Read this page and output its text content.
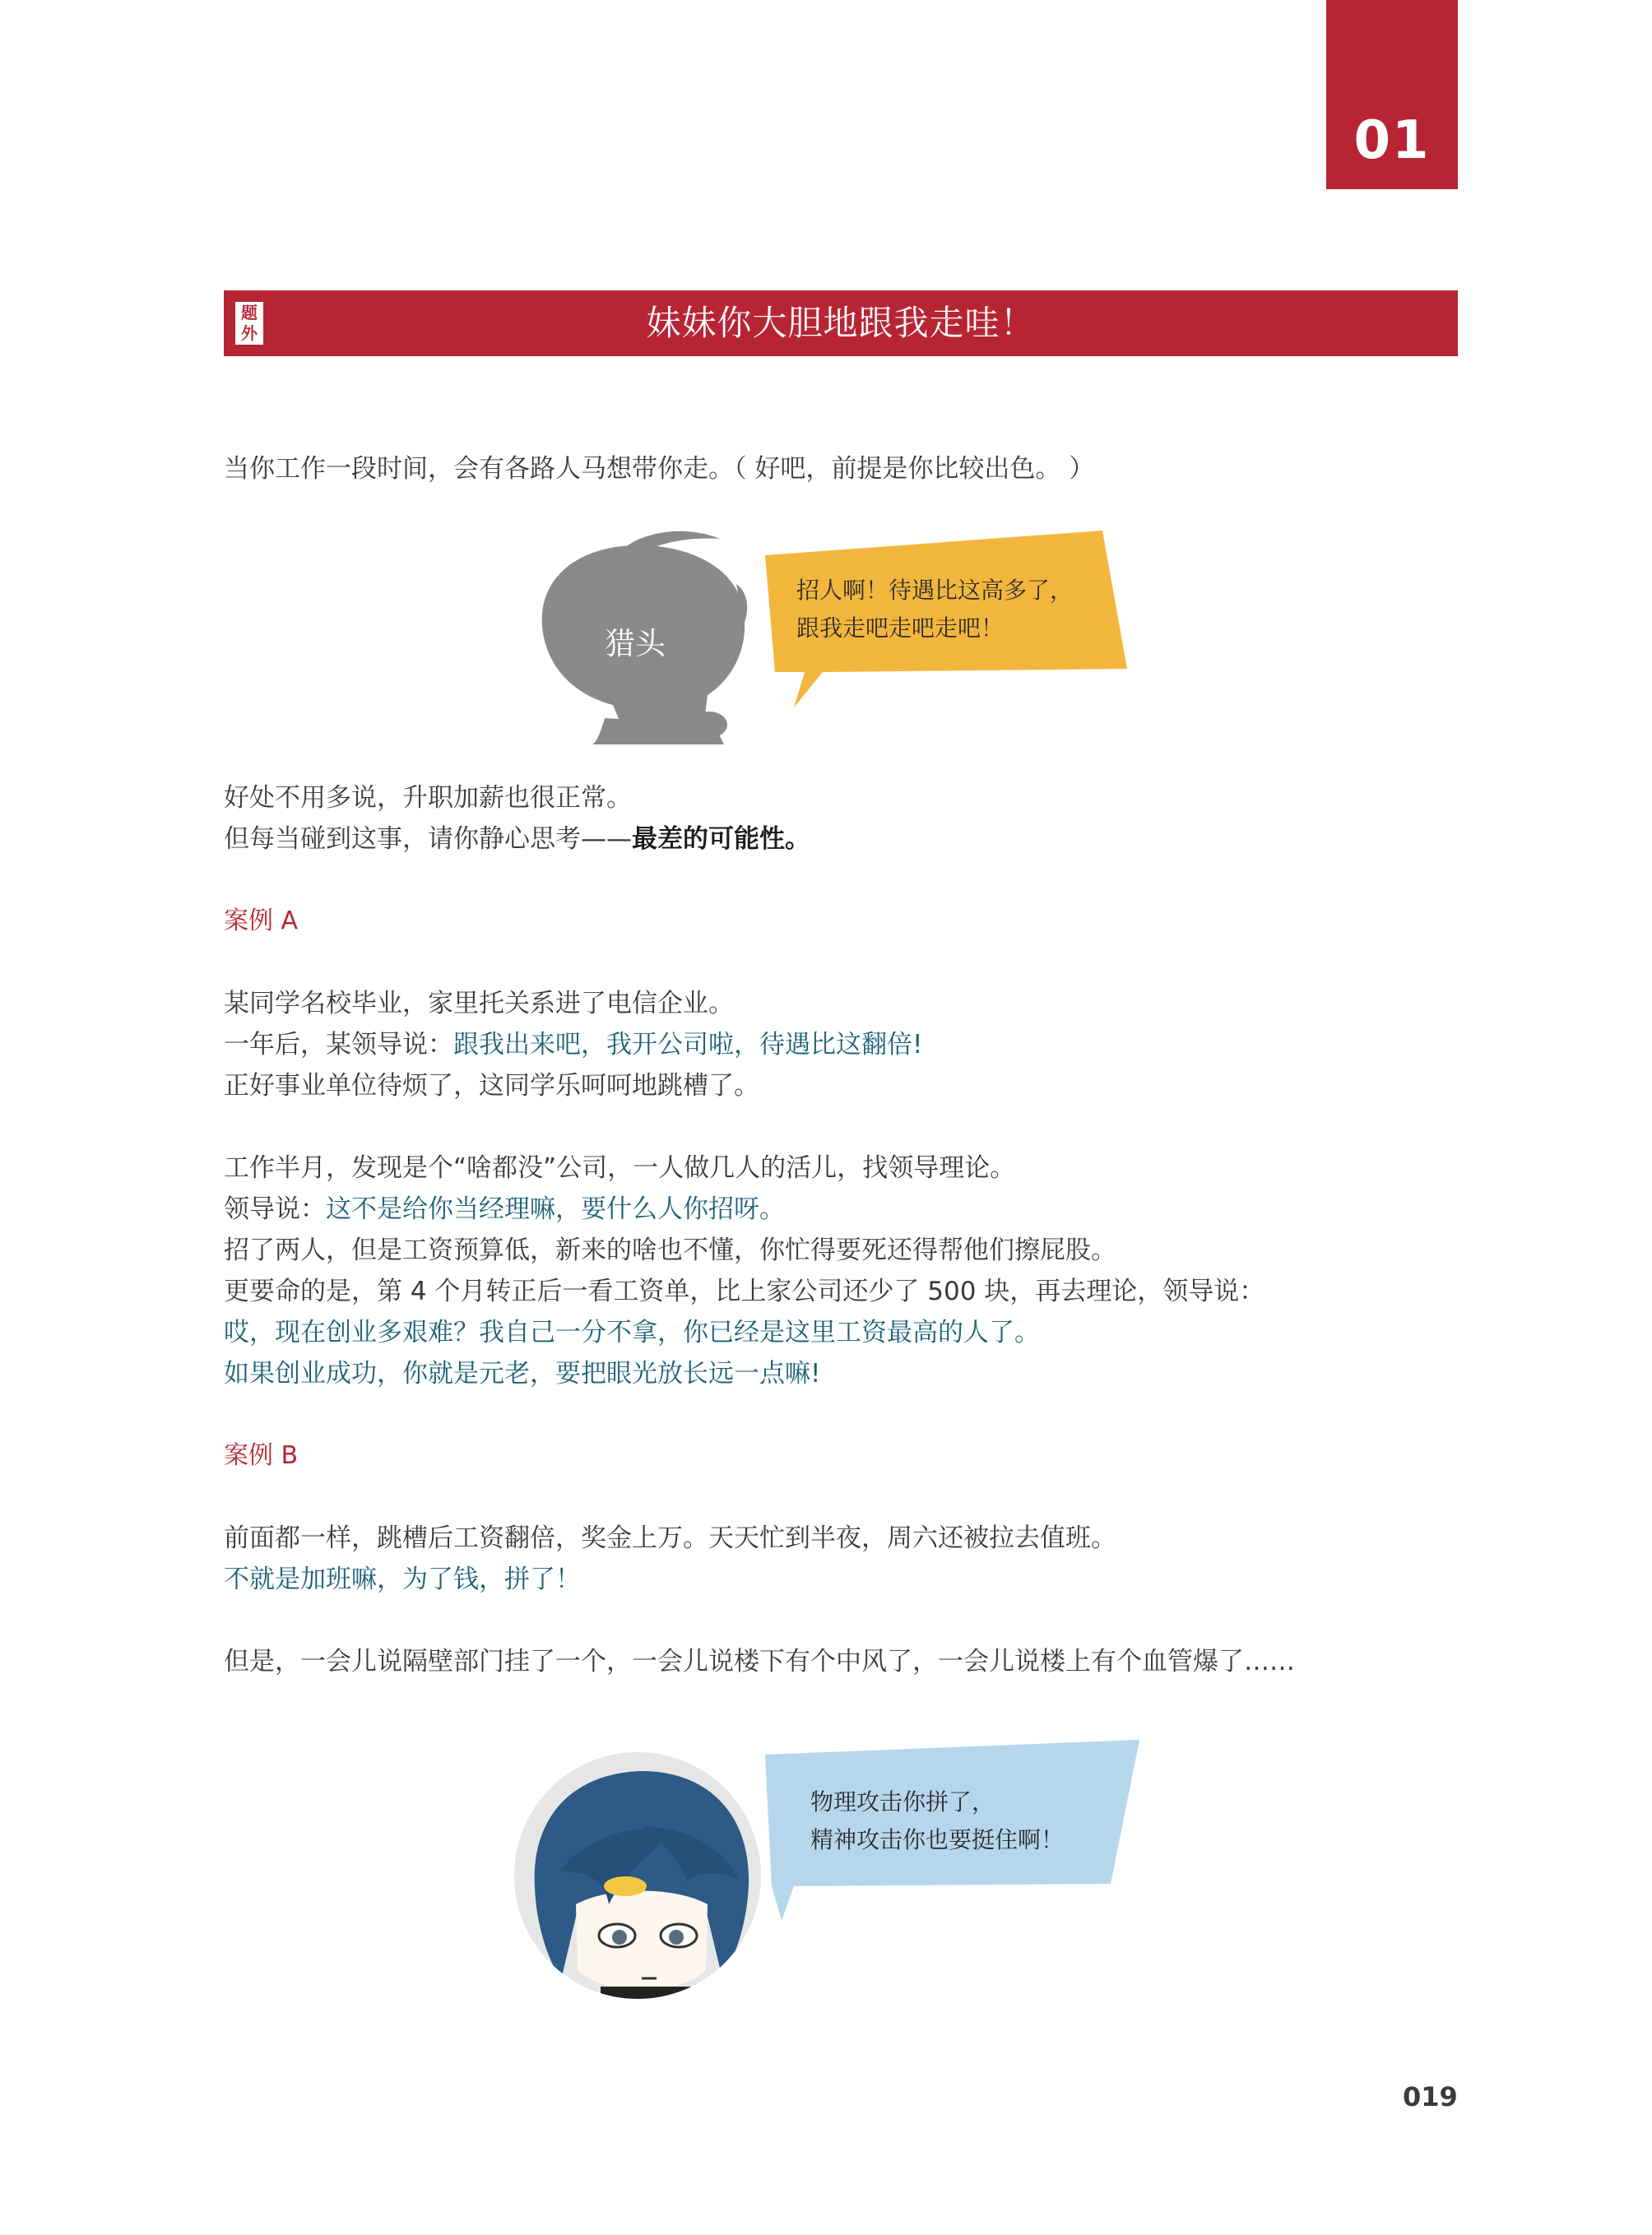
01
题
外	妹妹你大胆地跟我走哇！

当你工作一段时间，会有各路人马想带你走。（ 好吧，前提是你比较出色。 ）

猎头
招人啊！待遇比这高多了，
跟我走吧走吧走吧！

好处不用多说，升职加薪也很正常。

但每当碰到这事，请你静心思考——最差的可能性。

案例 A

某同学名校毕业，家里托关系进了电信企业。

一年后，某领导说：跟我出来吧，我开公司啦，待遇比这翻倍!

正好事业单位待烦了，这同学乐呵呵地跳槽了。

工作半月，发现是个“啥都没”公司，一人做几人的活儿，找领导理论。

领导说：这不是给你当经理嘛，要什么人你招呀。

招了两人，但是工资预算低，新来的啥也不懂，你忙得要死还得帮他们擦屁股。

更要命的是，第 4 个月转正后一看工资单，比上家公司还少了 500 块，再去理论，领导说：

哎，现在创业多艰难？我自己一分不拿，你已经是这里工资最高的人了。

如果创业成功，你就是元老，要把眼光放长远一点嘛!

案例 B

前面都一样，跳槽后工资翻倍，奖金上万。天天忙到半夜，周六还被拉去值班。

不就是加班嘛，为了钱，拼了！

但是，一会儿说隔壁部门挂了一个，一会儿说楼下有个中风了，一会儿说楼上有个血管爆了……

物理攻击你拼了，
精神攻击你也要挺住啊！
019
